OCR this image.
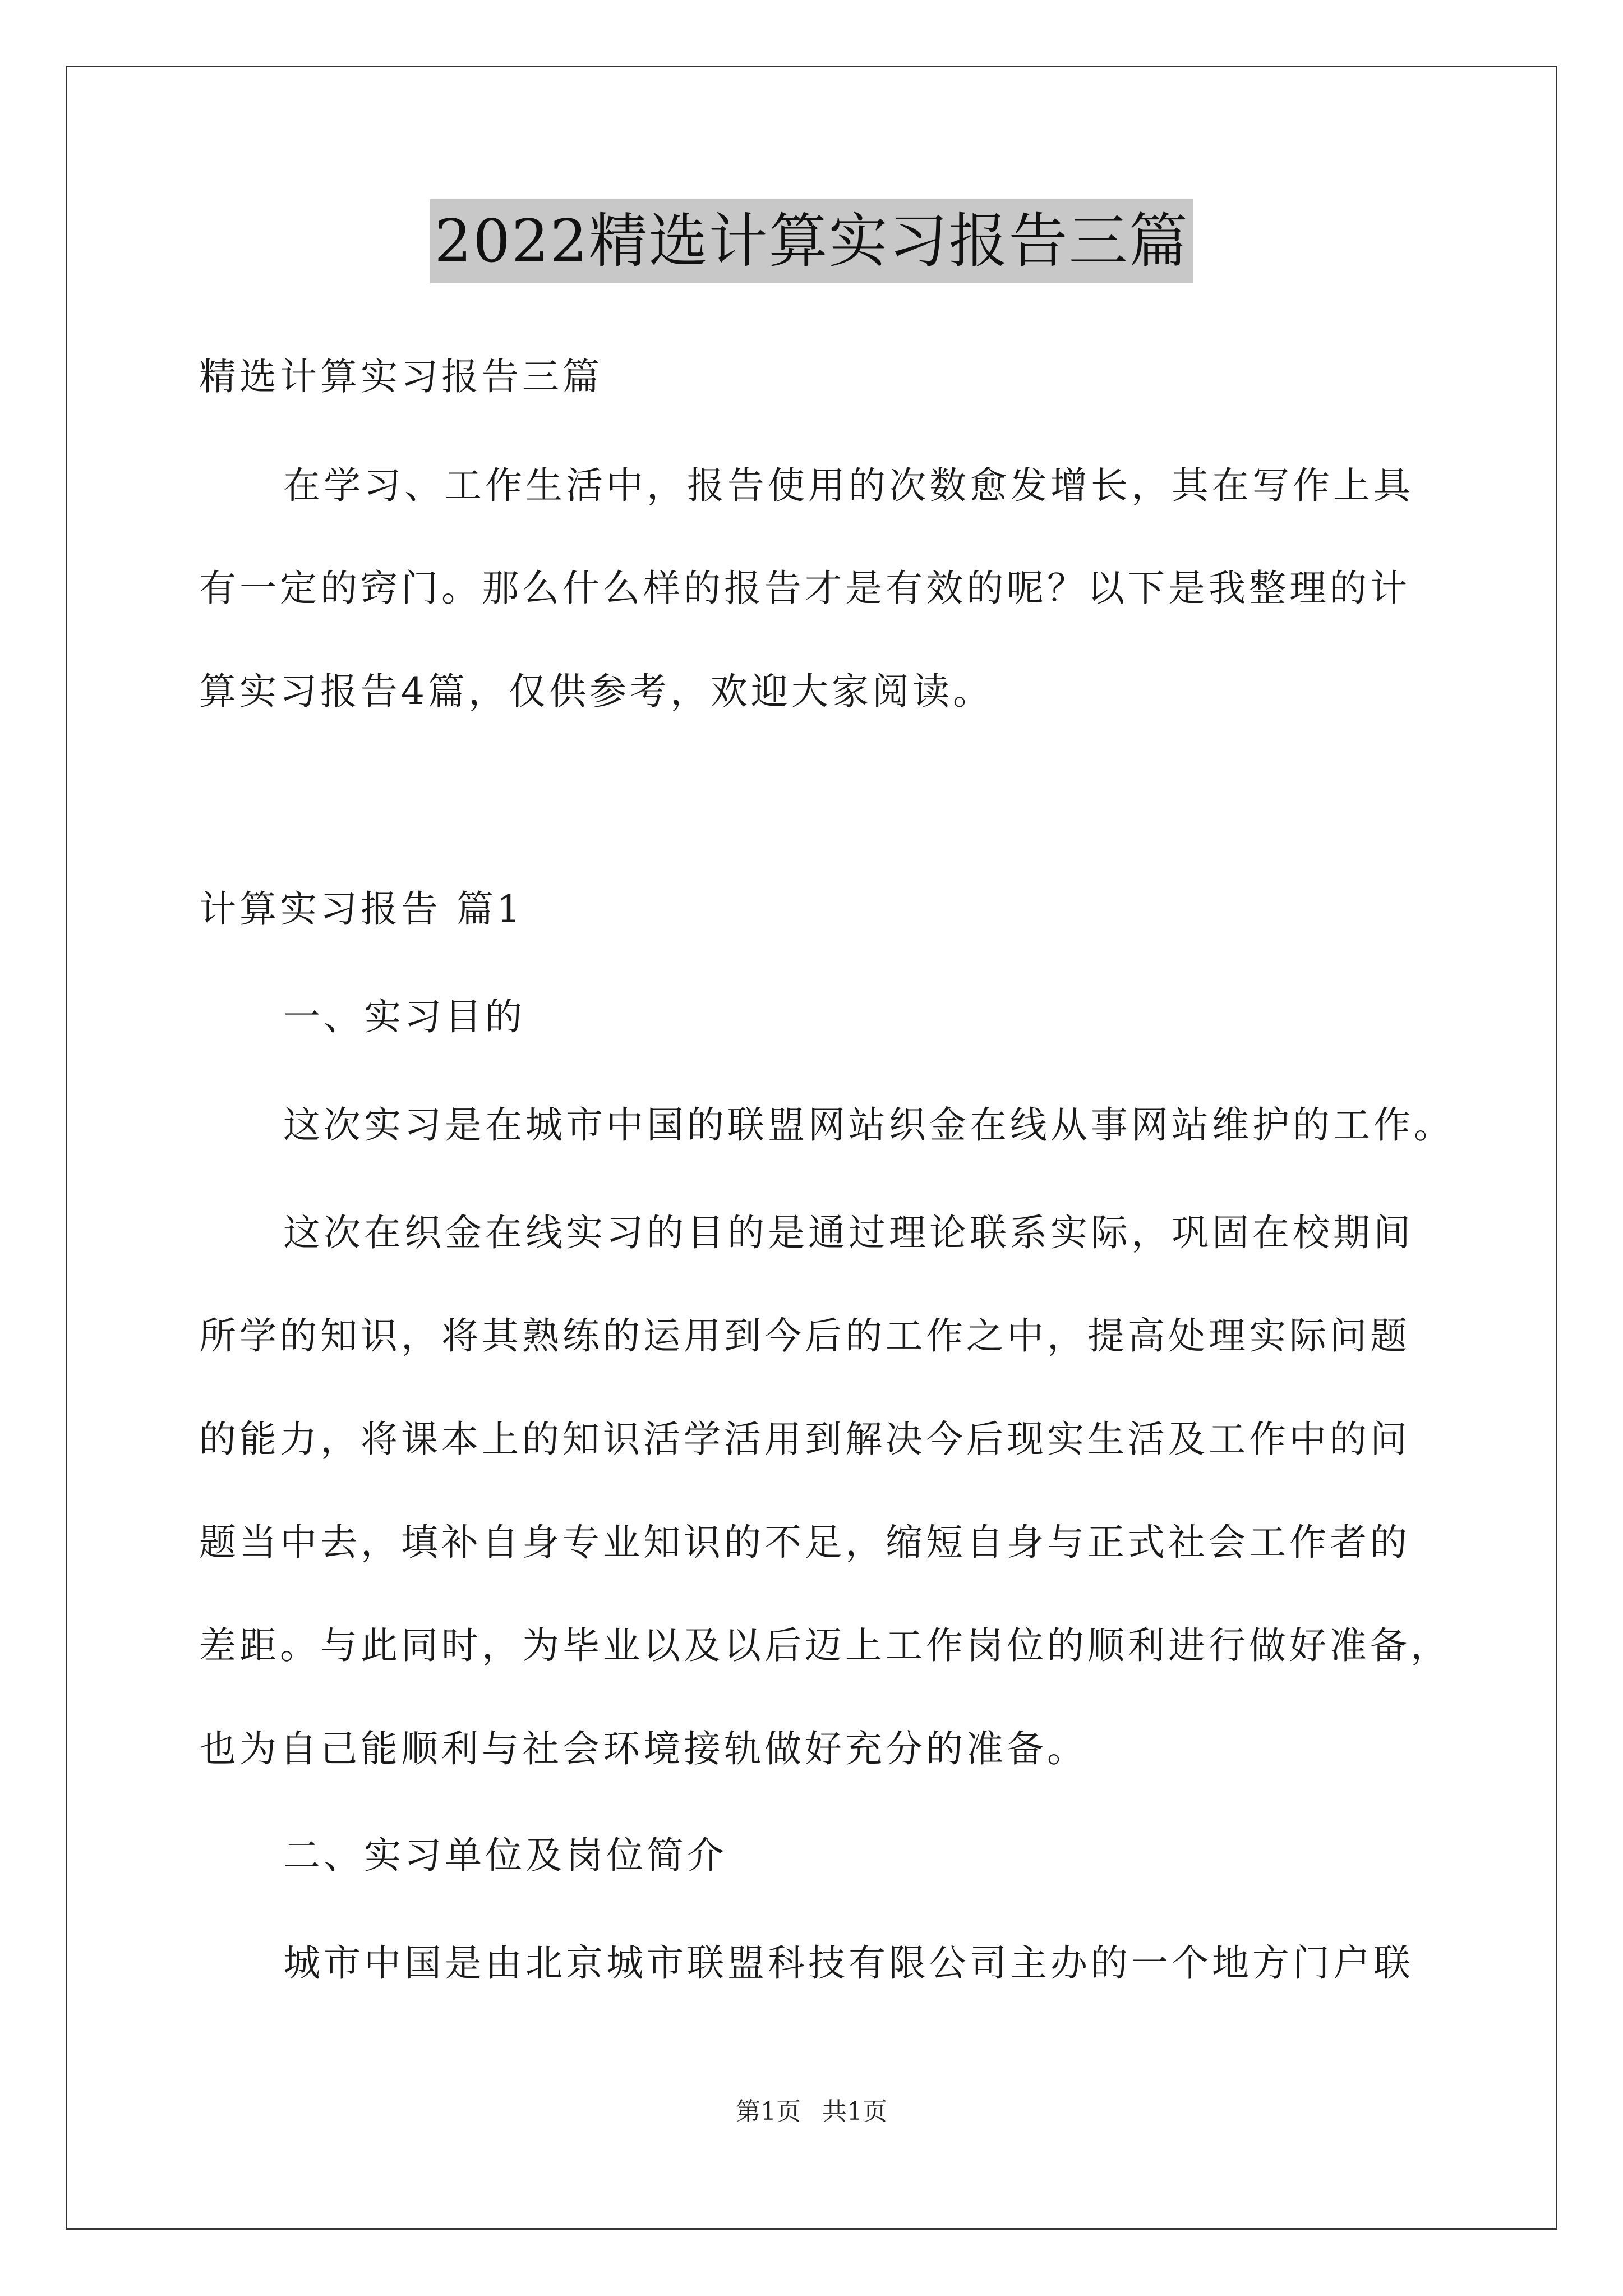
2022精选计算实习报告三篇
精选计算实习报告三篇
在学习、工作生活中，报告使用的次数愈发增长，其在写作上具
有一定的窍门。那么什么样的报告才是有效的呢？以下是我整理的计
算实习报告4篇，仅供参考，欢迎大家阅读。
计算实习报告 篇1
一、实习目的
这次实习是在城市中国的联盟网站织金在线从事网站维护的工作。
这次在织金在线实习的目的是通过理论联系实际，巩固在校期间
所学的知识，将其熟练的运用到今后的工作之中，提高处理实际问题
的能力，将课本上的知识活学活用到解决今后现实生活及工作中的问
题当中去，填补自身专业知识的不足，缩短自身与正式社会工作者的
差距。与此同时，为毕业以及以后迈上工作岗位的顺利进行做好准备，
也为自己能顺利与社会环境接轨做好充分的准备。
二、实习单位及岗位简介
城市中国是由北京城市联盟科技有限公司主办的一个地方门户联
第1页 共1页
